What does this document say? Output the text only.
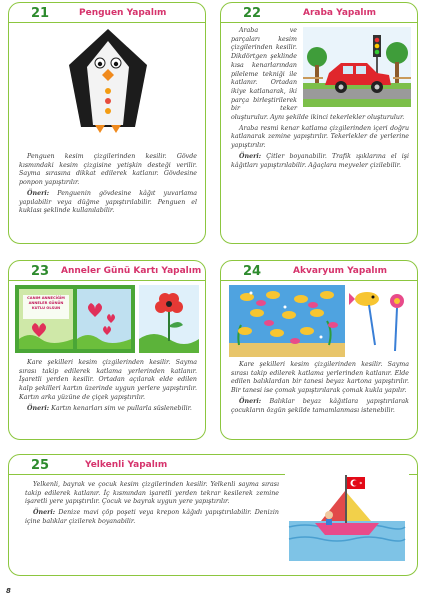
21	Penguen Yapalım

Penguen kesim çizgilerinden kesilir. Gövde kısmındaki kesim çizgisine yetişkin desteği verilir. Sayma sırasına dikkat edilerek katlanır. Gövdesine ponpon yapıştırılır.

Öneri: Penguenin gövdesine kâğıt yuvarlama yapılabilir veya düğme yapıştırılabilir. Penguen el kuklası şeklinde kullanılabilir.

22	Araba Yapalım

Araba ve parçaları kesim çizgilerinden kesilir. Dikdörtgen şeklinde kısa kenarlarından pileleme tekniği ile katlanır. Ortadan ikiye katlanarak, iki parça birleştirilerek bir teker oluşturulur. Aynı şekilde ikinci tekerlekler oluşturulur.

Araba resmi kenar katlama çizgilerinden içeri doğru katlanarak zemine yapıştırılır. Tekerlekler de yerlerine yapıştırılır.

Öneri: Çitler boyanabilir. Trafik ışıklarına el işi kâğıtları yapıştırılabilir. Ağaçlara meyveler çizilebilir.

23 Anneler Günü Kartı Yapalım
CANIM ANNECİĞİM ANNELER GÜNÜN KUTLU OLSUN

Kare şekilleri kesim çizgilerinden kesilir. Sayma sırası takip edilerek katlama yerlerinden katlanır. İşaretli yerden kesilir. Ortadan açılarak elde edilen kalp şekilleri kartın üzerinde uygun yerlere yapıştırılır. Kartın arka yüzüne de çiçek yapıştırılır.

Öneri: Kartın kenarları sim ve pullarla süslenebilir.

24	Akvaryum Yapalım

Kare şekilleri kesim çizgilerinden kesilir. Sayma sırası takip edilerek katlama yerlerinden katlanır. Elde edilen balıklardan bir tanesi beyaz kartona yapıştırılır. Bir tanesi ise çomak yapıştırılarak çomak kukla yapılır.

Öneri: Balıklar beyaz kâğıtlara yapıştırılarak çocukların özgün şekilde tamamlanması istenebilir.

25	Yelkenli Yapalım

Yelkenli, bayrak ve çocuk kesim çizgilerinden kesilir. Yelkenli sayma sırası takip edilerek katlanır. İç kısmından işaretli yerden tekrar kesilerek zemine işaretli yere yapıştırılır. Çocuk ve bayrak uygun yere yapıştırılır.

Öneri: Denize mavi çöp poşeti veya krepon kâğıdı yapıştırılabilir. Denizin içine balıklar çizilerek boyanabilir.

8
